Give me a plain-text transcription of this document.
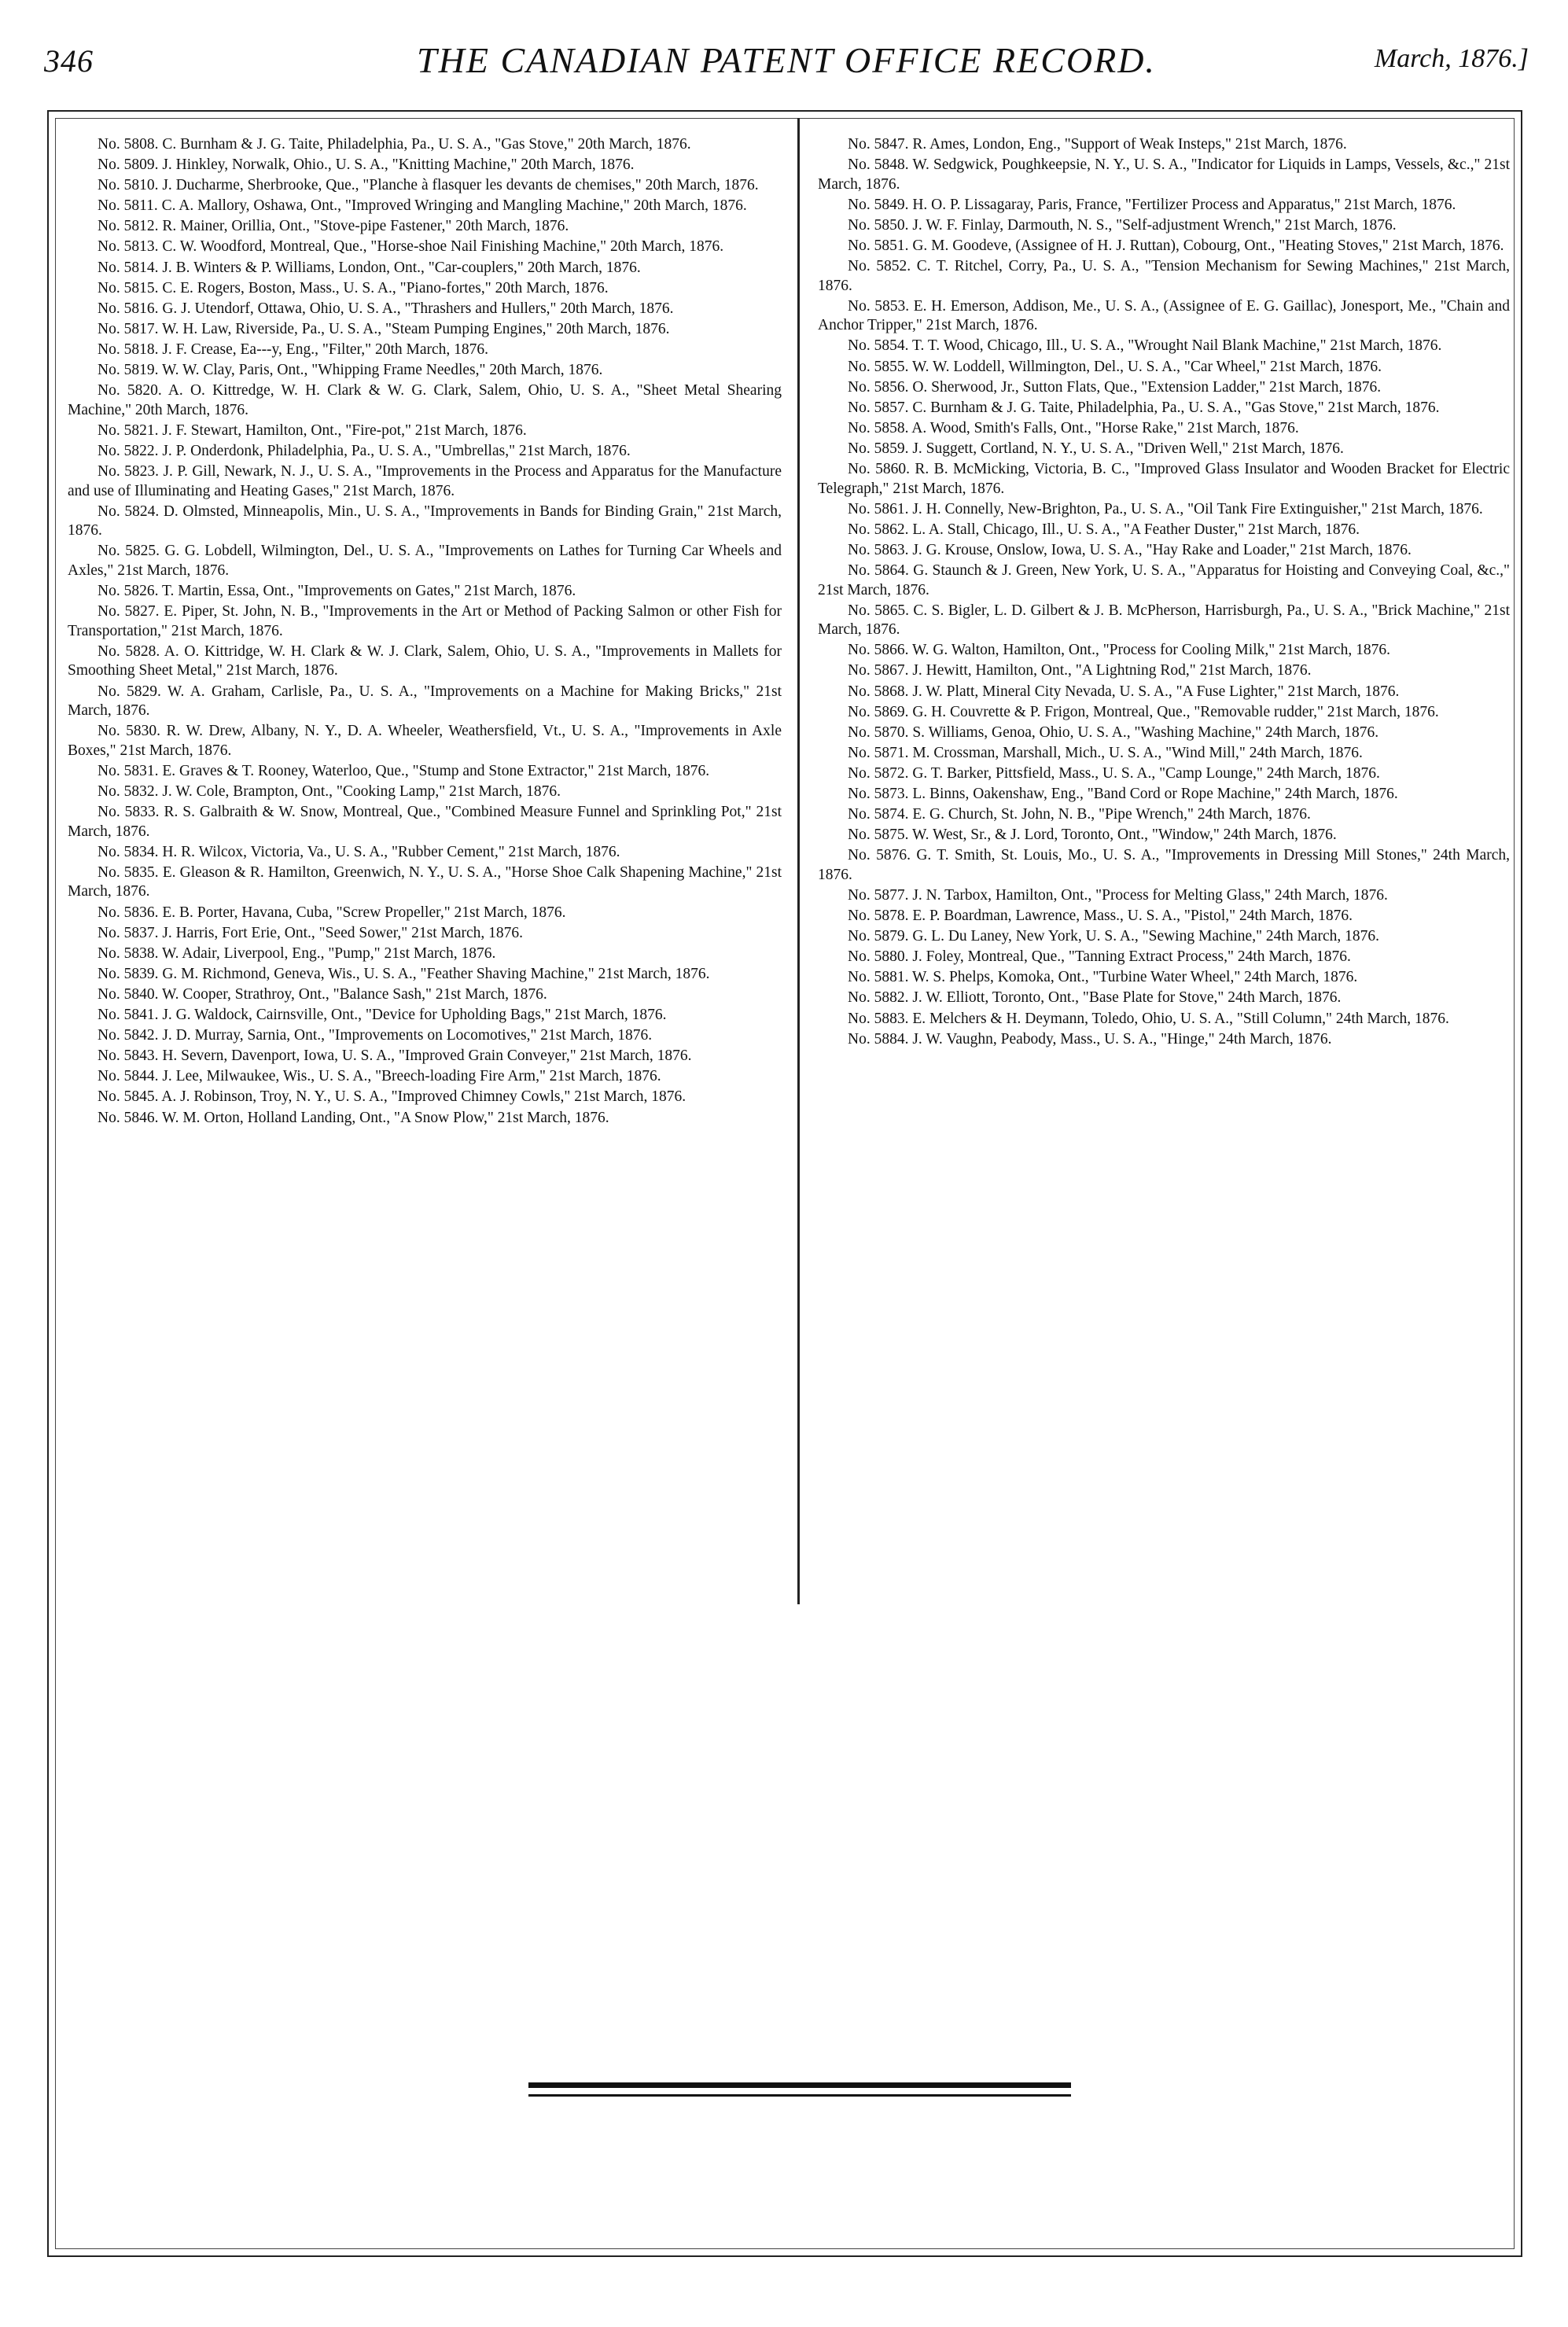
346	THE CANADIAN PATENT OFFICE RECORD.	March, 1876.]

No. 5808. C. Burnham & J. G. Taite, Philadelphia, Pa., U. S. A., "Gas Stove," 20th March, 1876.

No. 5809. J. Hinkley, Norwalk, Ohio., U. S. A., "Knitting Machine," 20th March, 1876.

No. 5810. J. Ducharme, Sherbrooke, Que., "Planche à flasquer les devants de chemises," 20th March, 1876.

No. 5811. C. A. Mallory, Oshawa, Ont., "Improved Wringing and Mangling Machine," 20th March, 1876.

No. 5812. R. Mainer, Orillia, Ont., "Stove-pipe Fastener," 20th March, 1876.

No. 5813. C. W. Woodford, Montreal, Que., "Horse-shoe Nail Finishing Machine," 20th March, 1876.

No. 5814. J. B. Winters & P. Williams, London, Ont., "Car-couplers," 20th March, 1876.

No. 5815. C. E. Rogers, Boston, Mass., U. S. A., "Piano-fortes," 20th March, 1876.

No. 5816. G. J. Utendorf, Ottawa, Ohio, U. S. A., "Thrashers and Hullers," 20th March, 1876.

No. 5817. W. H. Law, Riverside, Pa., U. S. A., "Steam Pumping Engines," 20th March, 1876.

No. 5818. J. F. Crease, Ea---y, Eng., "Filter," 20th March, 1876.

No. 5819. W. W. Clay, Paris, Ont., "Whipping Frame Needles," 20th March, 1876.

No. 5820. A. O. Kittredge, W. H. Clark & W. G. Clark, Salem, Ohio, U. S. A., "Sheet Metal Shearing Machine," 20th March, 1876.

No. 5821. J. F. Stewart, Hamilton, Ont., "Fire-pot," 21st March, 1876.

No. 5822. J. P. Onderdonk, Philadelphia, Pa., U. S. A., "Umbrellas," 21st March, 1876.

No. 5823. J. P. Gill, Newark, N. J., U. S. A., "Improvements in the Process and Apparatus for the Manufacture and use of Illuminating and Heating Gases," 21st March, 1876.

No. 5824. D. Olmsted, Minneapolis, Min., U. S. A., "Improvements in Bands for Binding Grain," 21st March, 1876.

No. 5825. G. G. Lobdell, Wilmington, Del., U. S. A., "Improvements on Lathes for Turning Car Wheels and Axles," 21st March, 1876.

No. 5826. T. Martin, Essa, Ont., "Improvements on Gates," 21st March, 1876.

No. 5827. E. Piper, St. John, N. B., "Improvements in the Art or Method of Packing Salmon or other Fish for Transportation," 21st March, 1876.

No. 5828. A. O. Kittridge, W. H. Clark & W. J. Clark, Salem, Ohio, U. S. A., "Improvements in Mallets for Smoothing Sheet Metal," 21st March, 1876.

No. 5829. W. A. Graham, Carlisle, Pa., U. S. A., "Improvements on a Machine for Making Bricks," 21st March, 1876.

No. 5830. R. W. Drew, Albany, N. Y., D. A. Wheeler, Weathersfield, Vt., U. S. A., "Improvements in Axle Boxes," 21st March, 1876.

No. 5831. E. Graves & T. Rooney, Waterloo, Que., "Stump and Stone Extractor," 21st March, 1876.

No. 5832. J. W. Cole, Brampton, Ont., "Cooking Lamp," 21st March, 1876.

No. 5833. R. S. Galbraith & W. Snow, Montreal, Que., "Combined Measure Funnel and Sprinkling Pot," 21st March, 1876.

No. 5834. H. R. Wilcox, Victoria, Va., U. S. A., "Rubber Cement," 21st March, 1876.

No. 5835. E. Gleason & R. Hamilton, Greenwich, N. Y., U. S. A., "Horse Shoe Calk Shapening Machine," 21st March, 1876.

No. 5836. E. B. Porter, Havana, Cuba, "Screw Propeller," 21st March, 1876.

No. 5837. J. Harris, Fort Erie, Ont., "Seed Sower," 21st March, 1876.

No. 5838. W. Adair, Liverpool, Eng., "Pump," 21st March, 1876.

No. 5839. G. M. Richmond, Geneva, Wis., U. S. A., "Feather Shaving Machine," 21st March, 1876.

No. 5840. W. Cooper, Strathroy, Ont., "Balance Sash," 21st March, 1876.

No. 5841. J. G. Waldock, Cairnsville, Ont., "Device for Upholding Bags," 21st March, 1876.

No. 5842. J. D. Murray, Sarnia, Ont., "Improvements on Locomotives," 21st March, 1876.

No. 5843. H. Severn, Davenport, Iowa, U. S. A., "Improved Grain Conveyer," 21st March, 1876.

No. 5844. J. Lee, Milwaukee, Wis., U. S. A., "Breech-loading Fire Arm," 21st March, 1876.

No. 5845. A. J. Robinson, Troy, N. Y., U. S. A., "Improved Chimney Cowls," 21st March, 1876.

No. 5846. W. M. Orton, Holland Landing, Ont., "A Snow Plow," 21st March, 1876.

No. 5847. R. Ames, London, Eng., "Support of Weak Insteps," 21st March, 1876.

No. 5848. W. Sedgwick, Poughkeepsie, N. Y., U. S. A., "Indicator for Liquids in Lamps, Vessels, &c.," 21st March, 1876.

No. 5849. H. O. P. Lissagaray, Paris, France, "Fertilizer Process and Apparatus," 21st March, 1876.

No. 5850. J. W. F. Finlay, Darmouth, N. S., "Self-adjustment Wrench," 21st March, 1876.

No. 5851. G. M. Goodeve, (Assignee of H. J. Ruttan), Cobourg, Ont., "Heating Stoves," 21st March, 1876.

No. 5852. C. T. Ritchel, Corry, Pa., U. S. A., "Tension Mechanism for Sewing Machines," 21st March, 1876.

No. 5853. E. H. Emerson, Addison, Me., U. S. A., (Assignee of E. G. Gaillac), Jonesport, Me., "Chain and Anchor Tripper," 21st March, 1876.

No. 5854. T. T. Wood, Chicago, Ill., U. S. A., "Wrought Nail Blank Machine," 21st March, 1876.

No. 5855. W. W. Loddell, Willmington, Del., U. S. A., "Car Wheel," 21st March, 1876.

No. 5856. O. Sherwood, Jr., Sutton Flats, Que., "Extension Ladder," 21st March, 1876.

No. 5857. C. Burnham & J. G. Taite, Philadelphia, Pa., U. S. A., "Gas Stove," 21st March, 1876.

No. 5858. A. Wood, Smith's Falls, Ont., "Horse Rake," 21st March, 1876.

No. 5859. J. Suggett, Cortland, N. Y., U. S. A., "Driven Well," 21st March, 1876.

No. 5860. R. B. McMicking, Victoria, B. C., "Improved Glass Insulator and Wooden Bracket for Electric Telegraph," 21st March, 1876.

No. 5861. J. H. Connelly, New-Brighton, Pa., U. S. A., "Oil Tank Fire Extinguisher," 21st March, 1876.

No. 5862. L. A. Stall, Chicago, Ill., U. S. A., "A Feather Duster," 21st March, 1876.

No. 5863. J. G. Krouse, Onslow, Iowa, U. S. A., "Hay Rake and Loader," 21st March, 1876.

No. 5864. G. Staunch & J. Green, New York, U. S. A., "Apparatus for Hoisting and Conveying Coal, &c.," 21st March, 1876.

No. 5865. C. S. Bigler, L. D. Gilbert & J. B. McPherson, Harrisburgh, Pa., U. S. A., "Brick Machine," 21st March, 1876.

No. 5866. W. G. Walton, Hamilton, Ont., "Process for Cooling Milk," 21st March, 1876.

No. 5867. J. Hewitt, Hamilton, Ont., "A Lightning Rod," 21st March, 1876.

No. 5868. J. W. Platt, Mineral City Nevada, U. S. A., "A Fuse Lighter," 21st March, 1876.

No. 5869. G. H. Couvrette & P. Frigon, Montreal, Que., "Removable rudder," 21st March, 1876.

No. 5870. S. Williams, Genoa, Ohio, U. S. A., "Washing Machine," 24th March, 1876.

No. 5871. M. Crossman, Marshall, Mich., U. S. A., "Wind Mill," 24th March, 1876.

No. 5872. G. T. Barker, Pittsfield, Mass., U. S. A., "Camp Lounge," 24th March, 1876.

No. 5873. L. Binns, Oakenshaw, Eng., "Band Cord or Rope Machine," 24th March, 1876.

No. 5874. E. G. Church, St. John, N. B., "Pipe Wrench," 24th March, 1876.

No. 5875. W. West, Sr., & J. Lord, Toronto, Ont., "Window," 24th March, 1876.

No. 5876. G. T. Smith, St. Louis, Mo., U. S. A., "Improvements in Dressing Mill Stones," 24th March, 1876.

No. 5877. J. N. Tarbox, Hamilton, Ont., "Process for Melting Glass," 24th March, 1876.

No. 5878. E. P. Boardman, Lawrence, Mass., U. S. A., "Pistol," 24th March, 1876.

No. 5879. G. L. Du Laney, New York, U. S. A., "Sewing Machine," 24th March, 1876.

No. 5880. J. Foley, Montreal, Que., "Tanning Extract Process," 24th March, 1876.

No. 5881. W. S. Phelps, Komoka, Ont., "Turbine Water Wheel," 24th March, 1876.

No. 5882. J. W. Elliott, Toronto, Ont., "Base Plate for Stove," 24th March, 1876.

No. 5883. E. Melchers & H. Deymann, Toledo, Ohio, U. S. A., "Still Column," 24th March, 1876.

No. 5884. J. W. Vaughn, Peabody, Mass., U. S. A., "Hinge," 24th March, 1876.
